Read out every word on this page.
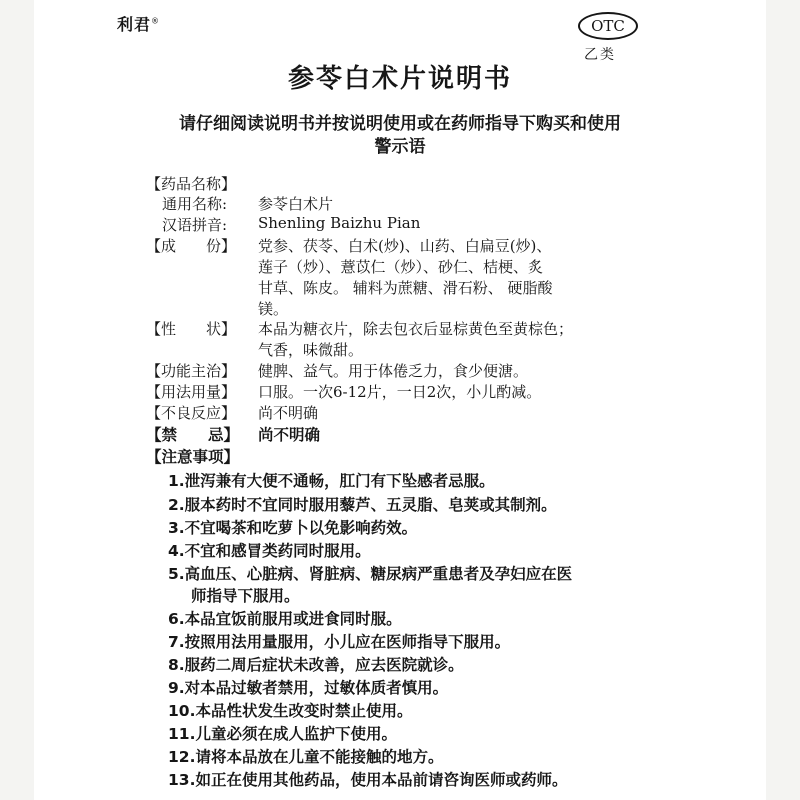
利君®	OTC
乙类
参苓白术片说明书
请仔细阅读说明书并按说明使用或在药师指导下购买和使用
警示语
【药品名称】
通用名称: 参苓白术片
汉语拼音: Shenling Baizhu Pian
【成　　份】 党参、茯苓、白术(炒)、山药、白扁豆(炒)、
莲子（炒）、薏苡仁（炒）、砂仁、桔梗、炙
甘草、陈皮。 辅料为蔗糖、滑石粉、 硬脂酸
镁。
【性　　状】 本品为糖衣片，除去包衣后显棕黄色至黄棕色；
气香，味微甜。
【功能主治】 健脾、益气。用于体倦乏力，食少便溏。
【用法用量】 口服。一次6-12片，一日2次，小儿酌减。
【不良反应】 尚不明确
【禁　　忌】 尚不明确
【注意事项】
1.泄泻兼有大便不通畅，肛门有下坠感者忌服。
2.服本药时不宜同时服用藜芦、五灵脂、皂荚或其制剂。
3.不宜喝茶和吃萝卜以免影响药效。
4.不宜和感冒类药同时服用。
5.高血压、心脏病、肾脏病、糖尿病严重患者及孕妇应在医
师指导下服用。
6.本品宜饭前服用或进食同时服。
7.按照用法用量服用，小儿应在医师指导下服用。
8.服药二周后症状未改善，应去医院就诊。
9.对本品过敏者禁用，过敏体质者慎用。
10.本品性状发生改变时禁止使用。
11.儿童必须在成人监护下使用。
12.请将本品放在儿童不能接触的地方。
13.如正在使用其他药品，使用本品前请咨询医师或药师。
